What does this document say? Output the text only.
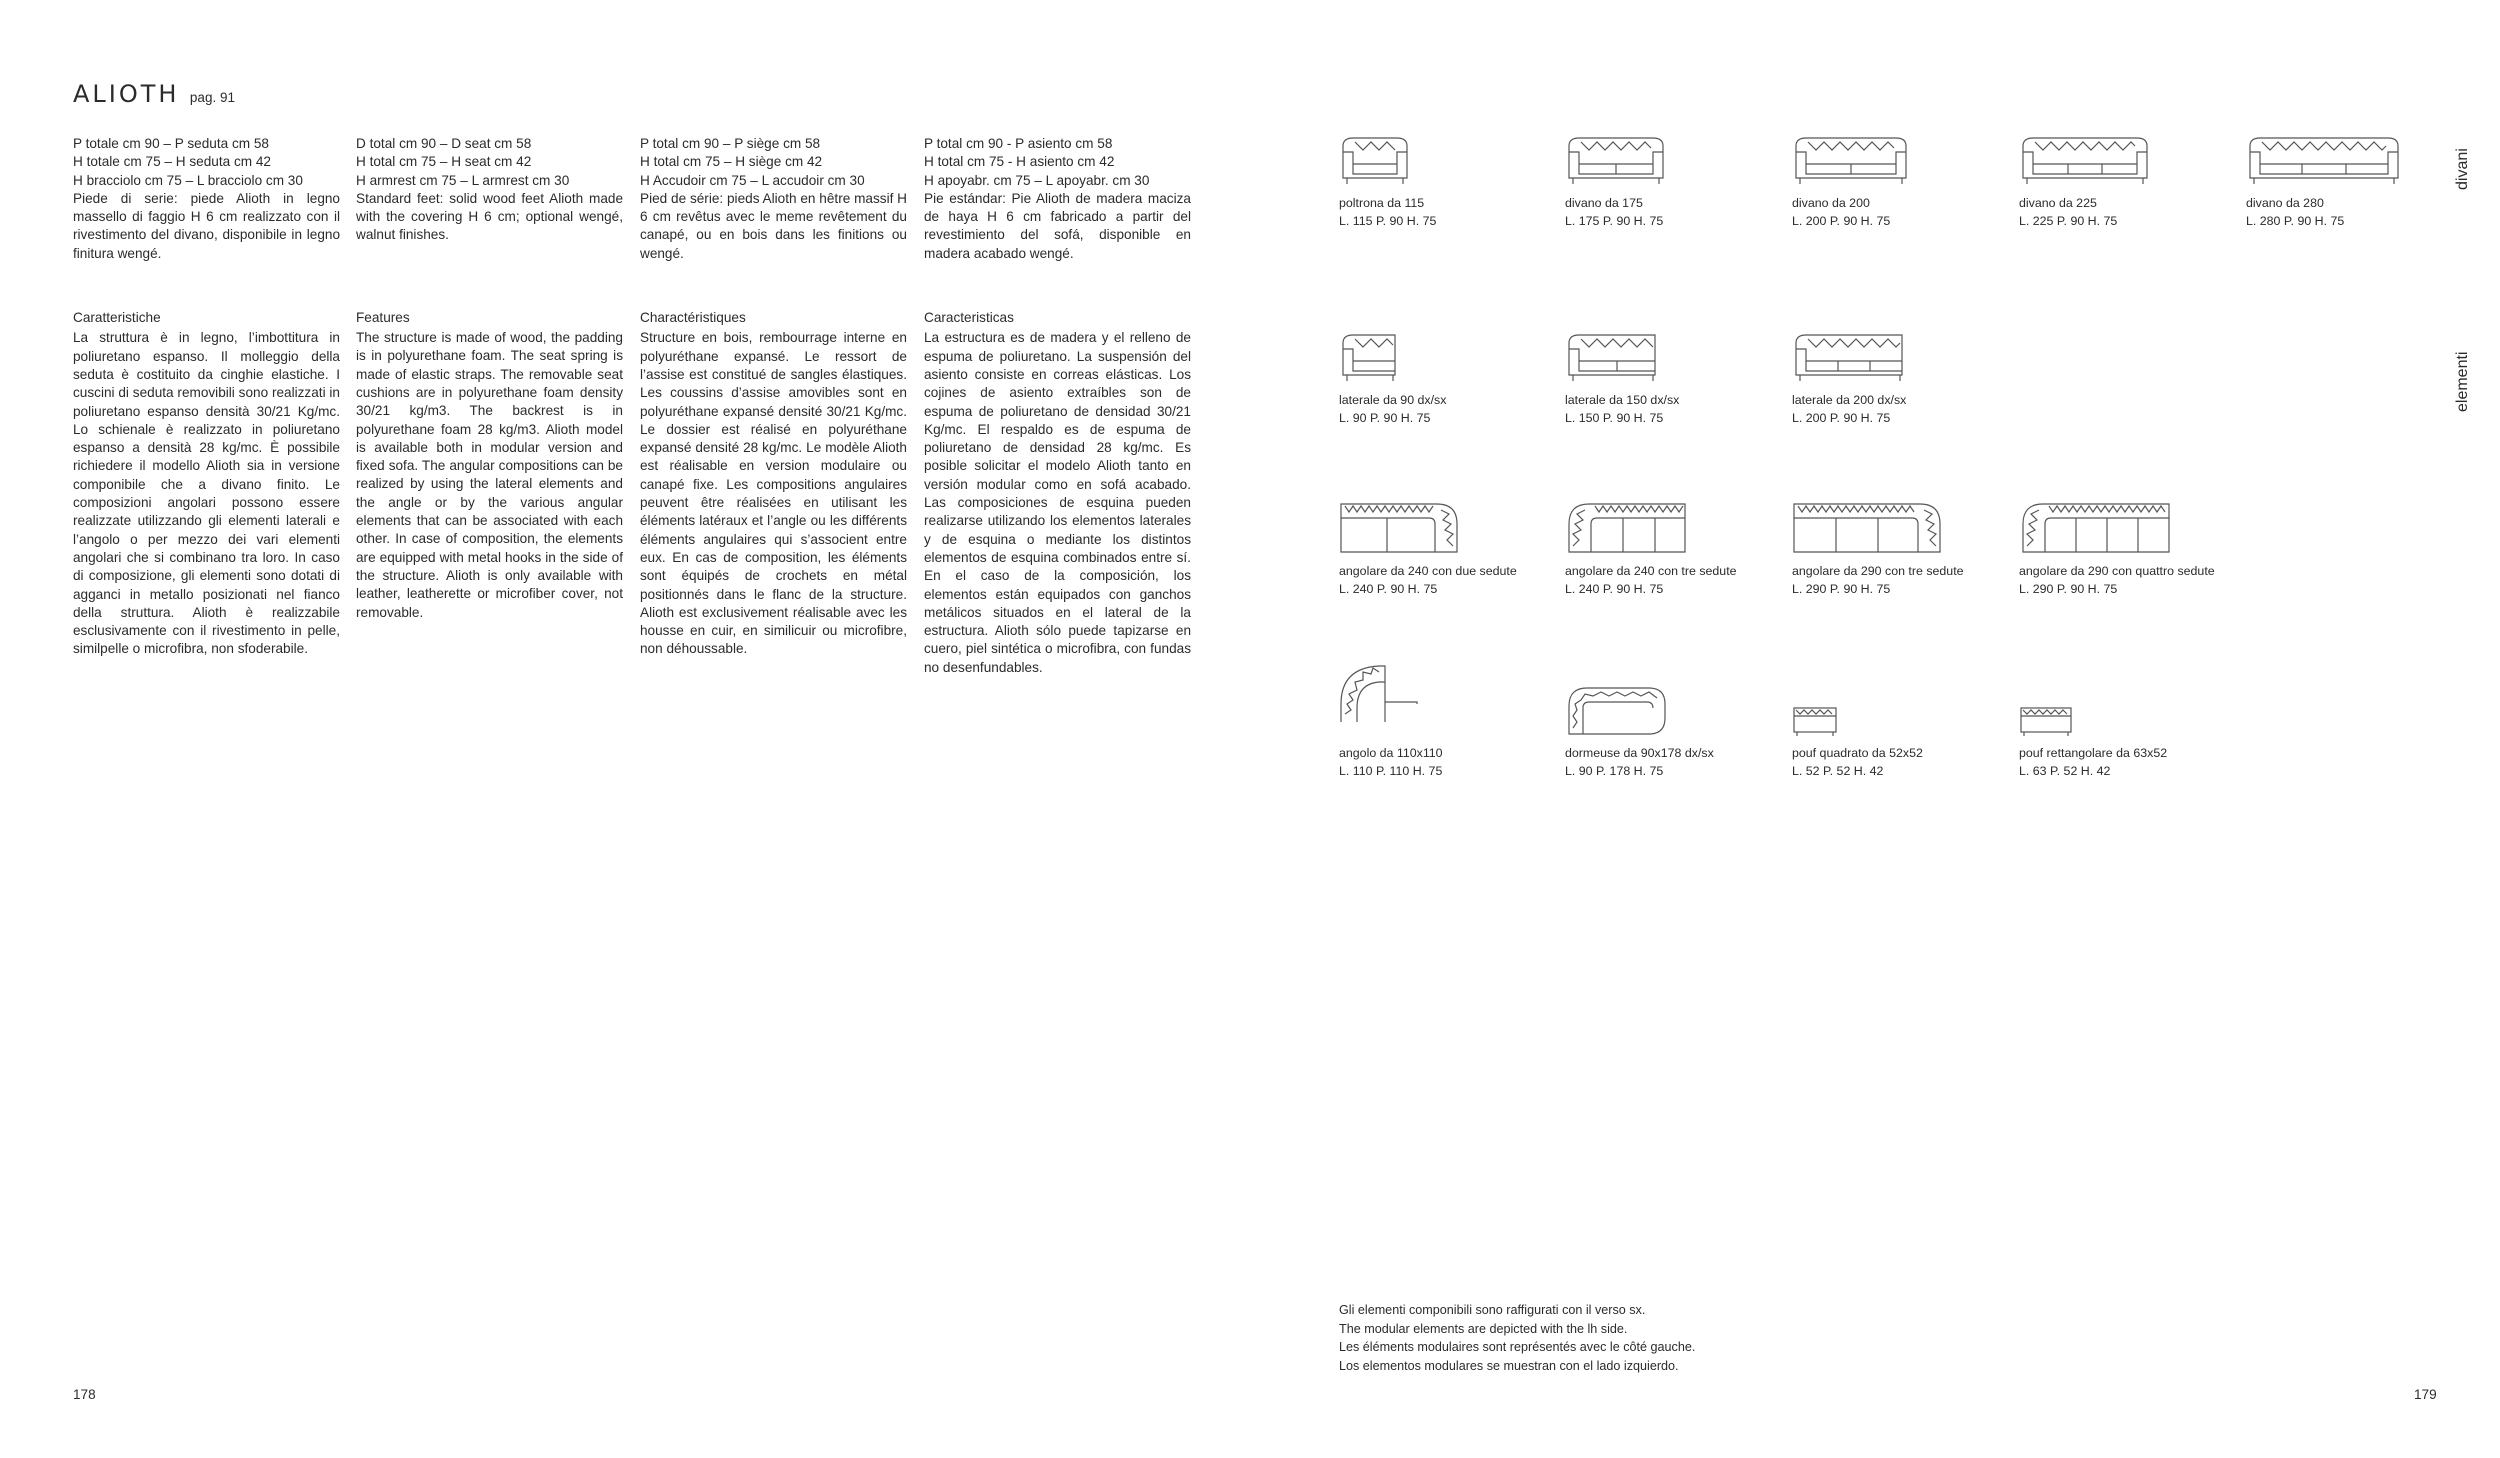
ALIOTH pag. 91
P totale cm 90 – P seduta cm 58
H totale cm 75 – H seduta cm 42
H bracciolo cm 75 – L bracciolo cm 30
Piede di serie: piede Alioth in legno massello di faggio H 6 cm realizzato con il rivestimento del divano, disponibile in legno finitura wengé.
Caratteristiche
La struttura è in legno, l’imbottitura in poliuretano espanso. Il molleggio della seduta è costituito da cinghie elastiche. I cuscini di seduta removibili sono realizzati in poliuretano espanso densità 30/21 Kg/mc. Lo schienale è realizzato in poliuretano espanso a densità 28 kg/mc. È possibile richiedere il modello Alioth sia in versione componibile che a divano finito. Le composizioni angolari possono essere realizzate utilizzando gli elementi laterali e l’angolo o per mezzo dei vari elementi angolari che si combinano tra loro. In caso di composizione, gli elementi sono dotati di agganci in metallo posizionati nel fianco della struttura. Alioth è realizzabile esclusivamente con il rivestimento in pelle, similpelle o microfibra, non sfoderabile.
D total cm 90 – D seat cm 58
H total cm 75 – H seat cm 42
H armrest cm 75 – L armrest cm 30
Standard feet: solid wood feet Alioth made with the covering H 6 cm; optional wengé, walnut finishes.
Features
The structure is made of wood, the padding is in polyurethane foam. The seat spring is made of elastic straps. The removable seat cushions are in polyurethane foam density 30/21 kg/m3. The backrest is in polyurethane foam 28 kg/m3. Alioth model is available both in modular version and fixed sofa. The angular compositions can be realized by using the lateral elements and the angle or by the various angular elements that can be associated with each other. In case of composition, the elements are equipped with metal hooks in the side of the structure. Alioth is only available with leather, leatherette or microfiber cover, not removable.
P total cm 90 – P siège cm 58
H total cm 75 – H siège cm 42
H Accudoir cm 75 – L accudoir cm 30
Pied de série: pieds Alioth en hêtre massif H 6 cm revêtus avec le meme revêtement du canapé, ou en bois dans les finitions ou wengé.
Charactéristiques
Structure en bois, rembourrage interne en polyuréthane expansé. Le ressort de l’assise est constitué de sangles élastiques. Les coussins d’assise amovibles sont en polyuréthane expansé densité 30/21 Kg/mc. Le dossier est réalisé en polyuréthane expansé densité 28 kg/mc. Le modèle Alioth est réalisable en version modulaire ou canapé fixe. Les compositions angulaires peuvent être réalisées en utilisant les éléments latéraux et l’angle ou les différents éléments angulaires qui s’associent entre eux. En cas de composition, les éléments sont équipés de crochets en métal positionnés dans le flanc de la structure. Alioth est exclusivement réalisable avec les housse en cuir, en similicuir ou microfibre, non déhoussable.
P total cm 90 - P asiento cm 58
H total cm 75 - H asiento cm 42
H apoyabr. cm 75 – L apoyabr. cm 30
Pie estándar: Pie Alioth de madera maciza de haya H 6 cm fabricado a partir del revestimiento del sofá, disponible en madera acabado wengé.
Caracteristicas
La estructura es de madera y el relleno de espuma de poliuretano. La suspensión del asiento consiste en correas elásticas. Los cojines de asiento extraíbles son de espuma de poliuretano de densidad 30/21 Kg/mc. El respaldo es de espuma de poliuretano de densidad 28 kg/mc. Es posible solicitar el modelo Alioth tanto en versión modular como en sofá acabado. Las composiciones de esquina pueden realizarse utilizando los elementos laterales y de esquina o mediante los distintos elementos de esquina combinados entre sí. En el caso de la composición, los elementos están equipados con ganchos metálicos situados en el lateral de la estructura. Alioth sólo puede tapizarse en cuero, piel sintética o microfibra, con fundas no desenfundables.
divani
elementi
poltrona da 115
L. 115 P. 90 H. 75
divano da 175
L. 175 P. 90 H. 75
divano da 200
L. 200 P. 90 H. 75
divano da 225
L. 225 P. 90 H. 75
divano da 280
L. 280 P. 90 H. 75
laterale da 90 dx/sx
L. 90 P. 90 H. 75
laterale da 150 dx/sx
L. 150 P. 90 H. 75
laterale da 200 dx/sx
L. 200 P. 90 H. 75
angolare da 240 con due sedute
L. 240 P. 90 H. 75
angolare da 240 con tre sedute
L. 240 P. 90 H. 75
angolare da 290 con tre sedute
L. 290 P. 90 H. 75
angolare da 290 con quattro sedute
L. 290 P. 90 H. 75
angolo da 110x110
L. 110 P. 110 H. 75
dormeuse da 90x178 dx/sx
L. 90 P. 178 H. 75
pouf quadrato da 52x52
L. 52 P. 52 H. 42
pouf rettangolare da 63x52
L. 63 P. 52 H. 42
Gli elementi componibili sono raffigurati con il verso sx.
The modular elements are depicted with the lh side.
Les éléments modulaires sont représentés avec le côté gauche.
Los elementos modulares se muestran con el lado izquierdo.
178	179
